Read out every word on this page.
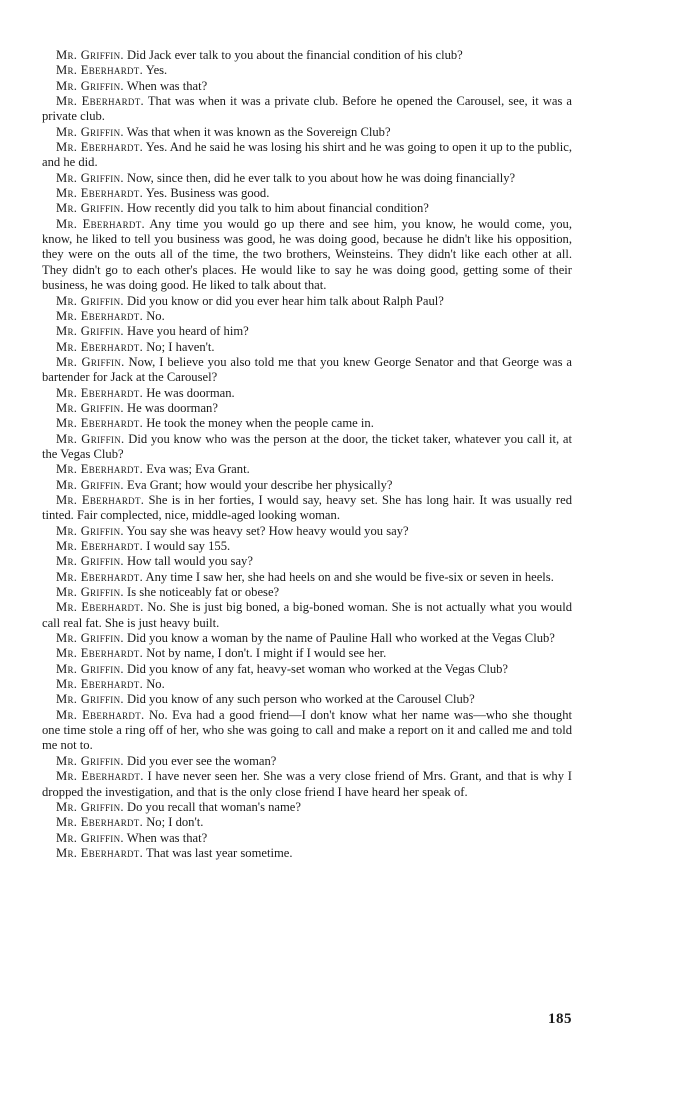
Mr. Griffin. Did Jack ever talk to you about the financial condition of his club?

Mr. Eberhardt. Yes.

Mr. Griffin. When was that?

Mr. Eberhardt. That was when it was a private club. Before he opened the Carousel, see, it was a private club.

Mr. Griffin. Was that when it was known as the Sovereign Club?

Mr. Eberhardt. Yes. And he said he was losing his shirt and he was going to open it up to the public, and he did.

Mr. Griffin. Now, since then, did he ever talk to you about how he was doing financially?

Mr. Eberhardt. Yes. Business was good.

Mr. Griffin. How recently did you talk to him about financial condition?

Mr. Eberhardt. Any time you would go up there and see him, you know, he would come, you, know, he liked to tell you business was good, he was doing good, because he didn't like his opposition, they were on the outs all of the time, the two brothers, Weinsteins. They didn't like each other at all. They didn't go to each other's places. He would like to say he was doing good, getting some of their business, he was doing good. He liked to talk about that.

Mr. Griffin. Did you know or did you ever hear him talk about Ralph Paul?

Mr. Eberhardt. No.

Mr. Griffin. Have you heard of him?

Mr. Eberhardt. No; I haven't.

Mr. Griffin. Now, I believe you also told me that you knew George Senator and that George was a bartender for Jack at the Carousel?

Mr. Eberhardt. He was doorman.

Mr. Griffin. He was doorman?

Mr. Eberhardt. He took the money when the people came in.

Mr. Griffin. Did you know who was the person at the door, the ticket taker, whatever you call it, at the Vegas Club?

Mr. Eberhardt. Eva was; Eva Grant.

Mr. Griffin. Eva Grant; how would your describe her physically?

Mr. Eberhardt. She is in her forties, I would say, heavy set. She has long hair. It was usually red tinted. Fair complected, nice, middle-aged looking woman.

Mr. Griffin. You say she was heavy set? How heavy would you say?

Mr. Eberhardt. I would say 155.

Mr. Griffin. How tall would you say?

Mr. Eberhardt. Any time I saw her, she had heels on and she would be five-six or seven in heels.

Mr. Griffin. Is she noticeably fat or obese?

Mr. Eberhardt. No. She is just big boned, a big-boned woman. She is not actually what you would call real fat. She is just heavy built.

Mr. Griffin. Did you know a woman by the name of Pauline Hall who worked at the Vegas Club?

Mr. Eberhardt. Not by name, I don't. I might if I would see her.

Mr. Griffin. Did you know of any fat, heavy-set woman who worked at the Vegas Club?

Mr. Eberhardt. No.

Mr. Griffin. Did you know of any such person who worked at the Carousel Club?

Mr. Eberhardt. No. Eva had a good friend—I don't know what her name was—who she thought one time stole a ring off of her, who she was going to call and make a report on it and called me and told me not to.

Mr. Griffin. Did you ever see the woman?

Mr. Eberhardt. I have never seen her. She was a very close friend of Mrs. Grant, and that is why I dropped the investigation, and that is the only close friend I have heard her speak of.

Mr. Griffin. Do you recall that woman's name?

Mr. Eberhardt. No; I don't.

Mr. Griffin. When was that?

Mr. Eberhardt. That was last year sometime.

185
